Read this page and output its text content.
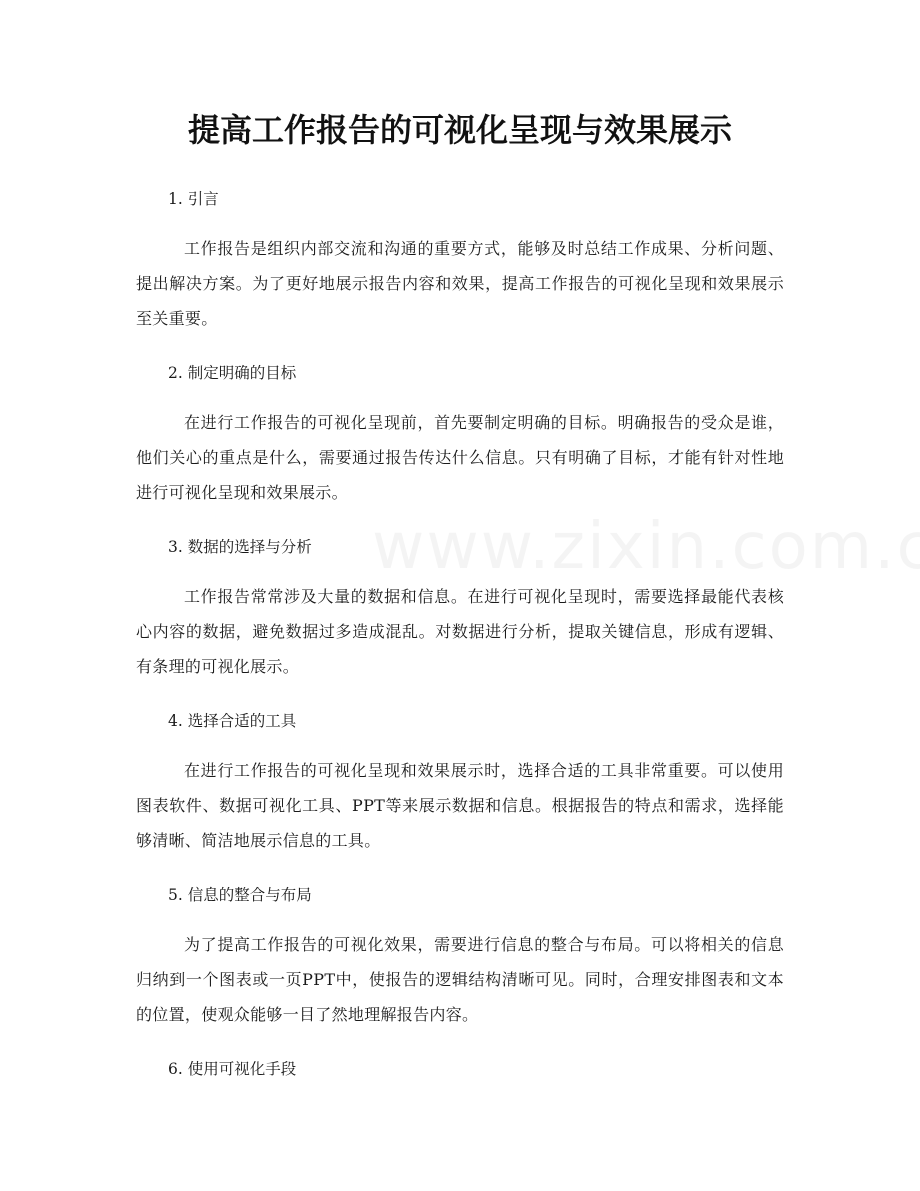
提高工作报告的可视化呈现与效果展示

1. 引言

工作报告是组织内部交流和沟通的重要方式，能够及时总结工作成果、分析问题、提出解决方案。为了更好地展示报告内容和效果，提高工作报告的可视化呈现和效果展示至关重要。

2. 制定明确的目标

在进行工作报告的可视化呈现前，首先要制定明确的目标。明确报告的受众是谁，他们关心的重点是什么，需要通过报告传达什么信息。只有明确了目标，才能有针对性地进行可视化呈现和效果展示。

3. 数据的选择与分析

工作报告常常涉及大量的数据和信息。在进行可视化呈现时，需要选择最能代表核心内容的数据，避免数据过多造成混乱。对数据进行分析，提取关键信息，形成有逻辑、有条理的可视化展示。

4. 选择合适的工具

在进行工作报告的可视化呈现和效果展示时，选择合适的工具非常重要。可以使用图表软件、数据可视化工具、PPT等来展示数据和信息。根据报告的特点和需求，选择能够清晰、简洁地展示信息的工具。

5. 信息的整合与布局

为了提高工作报告的可视化效果，需要进行信息的整合与布局。可以将相关的信息归纳到一个图表或一页PPT中，使报告的逻辑结构清晰可见。同时，合理安排图表和文本的位置，使观众能够一目了然地理解报告内容。

6. 使用可视化手段
